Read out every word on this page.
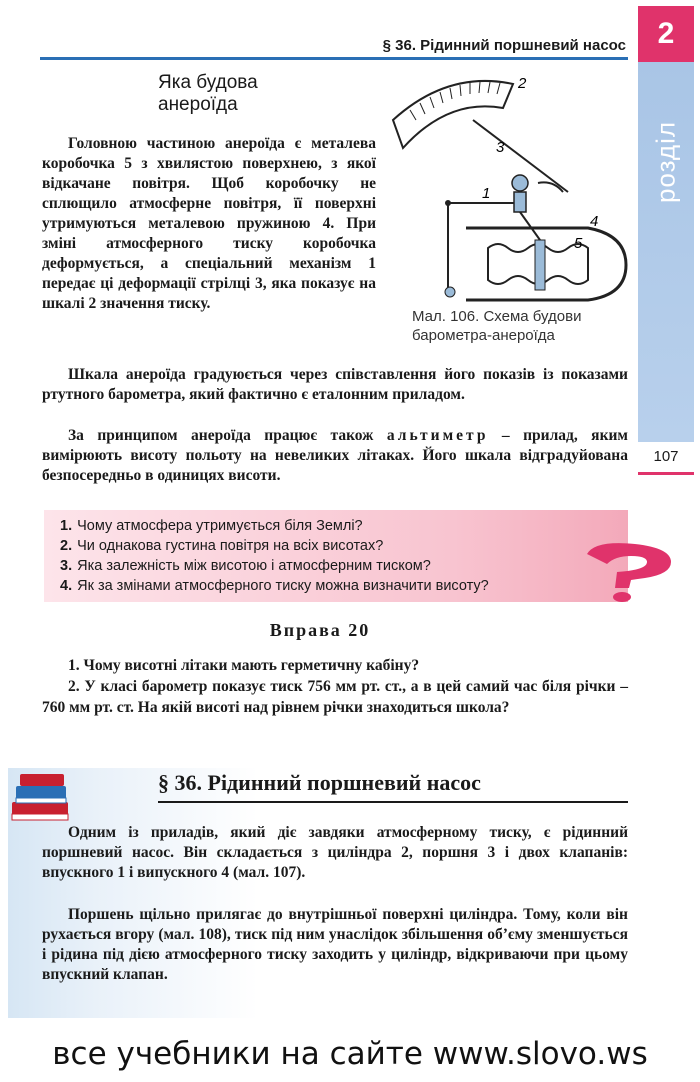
§ 36. Рідинний поршневий насос	2
розділ
107
Яка будова
анероїда
2
3
1
4
5
Мал. 106. Схема будови
барометра-анероїда
Головною частиною анероїда є металева коробочка 5 з хвилястою поверхнею, з якої відкачане повітря. Щоб коробочку не сплющило атмосферне повітря, її поверхні утримуються металевою пружиною 4. При зміні атмосферного тиску коробочка деформується, а спеціальний механізм 1 передає ці деформації стрілці 3, яка показує на шкалі 2 значення тиску.
Шкала анероїда градуюється через співставлення його показів із показами ртутного барометра, який фактично є еталонним приладом.
За принципом анероїда працює також альтиметр – прилад, яким вимірюють висоту польоту на невеликих літаках. Його шкала відградуйована безпосередньо в одиницях висоти.
1. Чому атмосфера утримується біля Землі?
2. Чи однакова густина повітря на всіх висотах?
3. Яка залежність між висотою і атмосферним тиском?
4. Як за змінами атмосферного тиску можна визначити висоту?
Вправа 20

1. Чому висотні літаки мають герметичну кабіну?

2. У класі барометр показує тиск 756 мм рт. ст., а в цей самий час біля річки – 760 мм рт. ст. На якій висоті над рівнем річки знаходиться школа?

§ 36. Рідинний поршневий насос
Одним із приладів, який діє завдяки атмосферному тиску, є рідинний поршневий насос. Він складається з циліндра 2, поршня 3 і двох клапанів: впускного 1 і випускного 4 (мал. 107).
Поршень щільно прилягає до внутрішньої поверхні циліндра. Тому, коли він рухається вгору (мал. 108), тиск під ним унаслідок збільшення об’єму зменшується і рідина під дією атмосферного тиску заходить у циліндр, відкриваючи при цьому впускний клапан.
все учебники на сайте www.slovo.ws
